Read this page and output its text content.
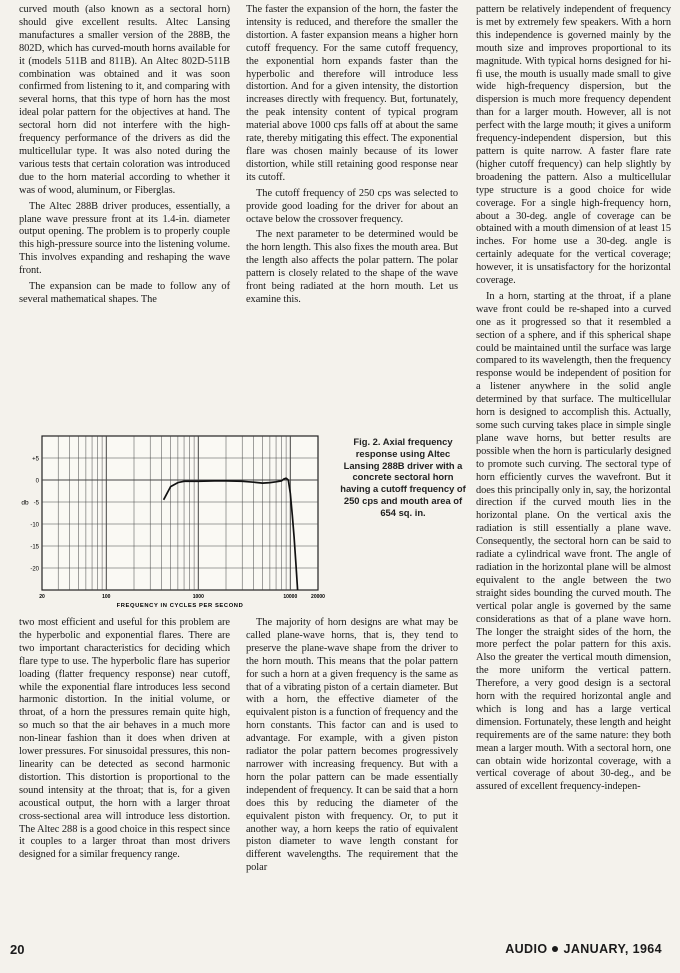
curved mouth (also known as a sectoral horn) should give excellent results. Altec Lansing manufactures a smaller version of the 288B, the 802D, which has curved-mouth horns available for it (models 511B and 811B). An Altec 802D-511B combination was obtained and it was soon confirmed from listening to it, and comparing with several horns, that this type of horn has the most ideal polar pattern for the objectives at hand. The sectoral horn did not interfere with the high-frequency performance of the drivers as did the multicellular type. It was also noted during the various tests that certain coloration was introduced due to the horn material according to whether it was of wood, aluminum, or Fiberglas.

The Altec 288B driver produces, essentially, a plane wave pressure front at its 1.4-in. diameter output opening. The problem is to properly couple this high-pressure source into the listening volume. This involves expanding and reshaping the wave front.

The expansion can be made to follow any of several mathematical shapes. The

The faster the expansion of the horn, the faster the intensity is reduced, and therefore the smaller the distortion. A faster expansion means a higher horn cutoff frequency. For the same cutoff frequency, the exponential horn expands faster than the hyperbolic and therefore will introduce less distortion. And for a given intensity, the distortion increases directly with frequency. But, fortunately, the peak intensity content of typical program material above 1000 cps falls off at about the same rate, thereby mitigating this effect. The exponential flare was chosen mainly because of its lower distortion, while still retaining good response near its cutoff.

The cutoff frequency of 250 cps was selected to provide good loading for the driver for about an octave below the crossover frequency.

The next parameter to be determined would be the horn length. This also fixes the mouth area. But the length also affects the polar pattern. The polar pattern is closely related to the shape of the wave front being radiated at the horn mouth. Let us examine this.

pattern be relatively independent of frequency is met by extremely few speakers. With a horn this independence is governed mainly by the mouth size and improves proportional to its magnitude. With typical horns designed for hi-fi use, the mouth is usually made small to give wide high-frequency dispersion, but the dispersion is much more frequency dependent than for a larger mouth. However, all is not perfect with the large mouth; it gives a uniform frequency-independent dispersion, but this pattern is quite narrow. A faster flare rate (higher cutoff frequency) can help slightly by broadening the pattern. Also a multicellular type structure is a good choice for wide coverage. For a single high-frequency horn, about a 30-deg. angle of coverage can be obtained with a mouth dimension of at least 15 inches. For home use a 30-deg. angle is certainly adequate for the vertical coverage; however, it is unsatisfactory for the horizontal coverage.

In a horn, starting at the throat, if a plane wave front could be re-shaped into a curved one as it progressed so that it resembled a section of a sphere, and if this spherical shape could be maintained until the surface was large compared to its wavelength, then the frequency response would be independent of position for a listener anywhere in the solid angle determined by that surface. The multicellular horn is designed to accomplish this. Actually, some such curving takes place in simple single plane wave horns, but better results are possible when the horn is particularly designed to promote such curving. The sectoral type of horn efficiently curves the wavefront. But it does this principally only in, say, the horizontal direction if the curved mouth lies in the horizontal plane. On the vertical axis the radiation is still essentially a plane wave. Consequently, the sectoral horn can be said to radiate a cylindrical wave front. The angle of radiation in the horizontal plane will be almost equivalent to the angle between the two straight sides bounding the curved mouth. The vertical polar angle is governed by the same considerations as that of a plane wave horn. The longer the straight sides of the horn, the more perfect the polar pattern for this axis. Also the greater the vertical mouth dimension, the more uniform the vertical pattern. Therefore, a very good design is a sectoral horn with the required horizontal angle and which is long and has a large vertical dimension. Fortunately, these length and height requirements are of the same nature: they both mean a larger mouth. With a sectoral horn, one can obtain wide horizontal coverage, with a vertical coverage of about 30-deg., and be assured of excellent frequency-indepen-

+5
0
-5
-10
-15
-20
db
20	100	1000	10000	20000
FREQUENCY IN CYCLES PER SECOND
Fig. 2. Axial frequency response using Altec Lansing 288B driver with a concrete sectoral horn having a cutoff frequency of 250 cps and mouth area of 654 sq. in.

two most efficient and useful for this problem are the hyperbolic and exponential flares. There are two important characteristics for deciding which flare type to use. The hyperbolic flare has superior loading (flatter frequency response) near cutoff, while the exponential flare introduces less second harmonic distortion. In the initial volume, or throat, of a horn the pressures remain quite high, so much so that the air behaves in a much more non-linear fashion than it does when driven at lower pressures. For sinusoidal pressures, this non-linearity can be detected as second harmonic distortion. This distortion is proportional to the sound intensity at the throat; that is, for a given acoustical output, the horn with a larger throat cross-sectional area will introduce less distortion. The Altec 288 is a good choice in this respect since it couples to a larger throat than most drivers designed for a similar frequency range.

The majority of horn designs are what may be called plane-wave horns, that is, they tend to preserve the plane-wave shape from the driver to the horn mouth. This means that the polar pattern for such a horn at a given frequency is the same as that of a vibrating piston of a certain diameter. But with a horn, the effective diameter of the equivalent piston is a function of frequency and the horn constants. This factor can and is used to advantage. For example, with a given piston radiator the polar pattern becomes progressively narrower with increasing frequency. But with a horn the polar pattern can be made essentially independent of frequency. It can be said that a horn does this by reducing the diameter of the equivalent piston with frequency. Or, to put it another way, a horn keeps the ratio of equivalent piston diameter to wave length constant for different wavelengths. The requirement that the polar

20	AUDIO JANUARY, 1964
